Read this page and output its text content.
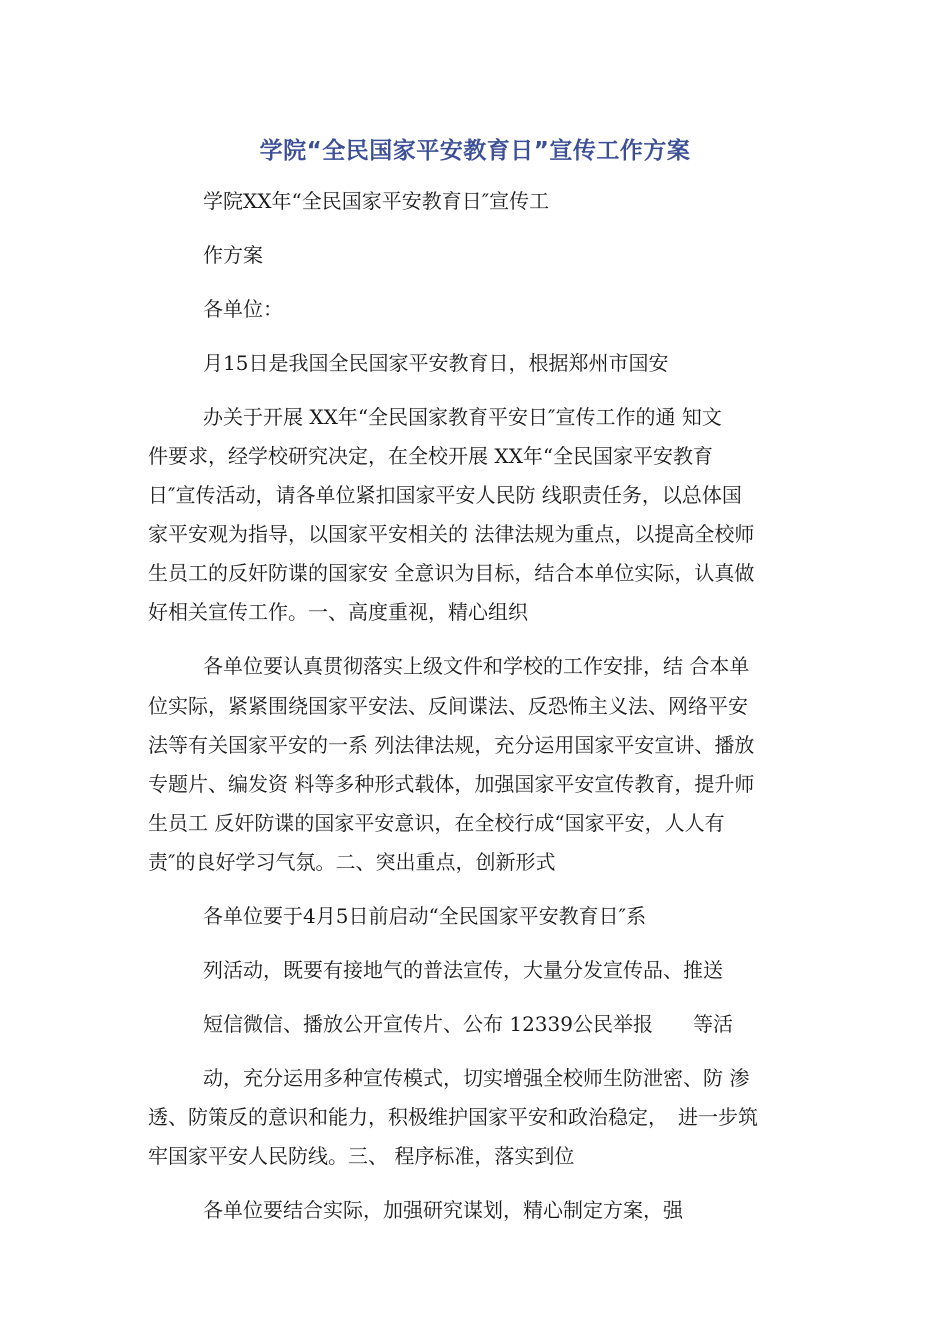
学院“全民国家平安教育日”宣传工作方案
学院XX年“全民国家平安教育日″宣传工
作方案
各单位：
月15日是我国全民国家平安教育日，根据郑州市国安
办关于开展 XX年“全民国家教育平安日″宣传工作的通 知文
件要求，经学校研究决定，在全校开展 XX年“全民国家平安教育
日″宣传活动，请各单位紧扣国家平安人民防 线职责任务，以总体国
家平安观为指导，以国家平安相关的 法律法规为重点，以提高全校师
生员工的反奸防谍的国家安 全意识为目标，结合本单位实际，认真做
好相关宣传工作。一、高度重视，精心组织
各单位要认真贯彻落实上级文件和学校的工作安排，结 合本单
位实际，紧紧围绕国家平安法、反间谍法、反恐怖主义法、网络平安
法等有关国家平安的一系 列法律法规，充分运用国家平安宣讲、播放
专题片、编发资 料等多种形式载体，加强国家平安宣传教育，提升师
生员工 反奸防谍的国家平安意识，在全校行成“国家平安，人人有
责″的良好学习气氛。二、突出重点，创新形式
各单位要于4月5日前启动“全民国家平安教育日″系
列活动，既要有接地气的普法宣传，大量分发宣传品、推送
短信微信、播放公开宣传片、公布 12339公民举报　　等活
动，充分运用多种宣传模式，切实增强全校师生防泄密、防 渗
透、防策反的意识和能力，积极维护国家平安和政治稳定，　进一步筑
牢国家平安人民防线。三、 程序标准，落实到位
各单位要结合实际，加强研究谋划，精心制定方案，强
